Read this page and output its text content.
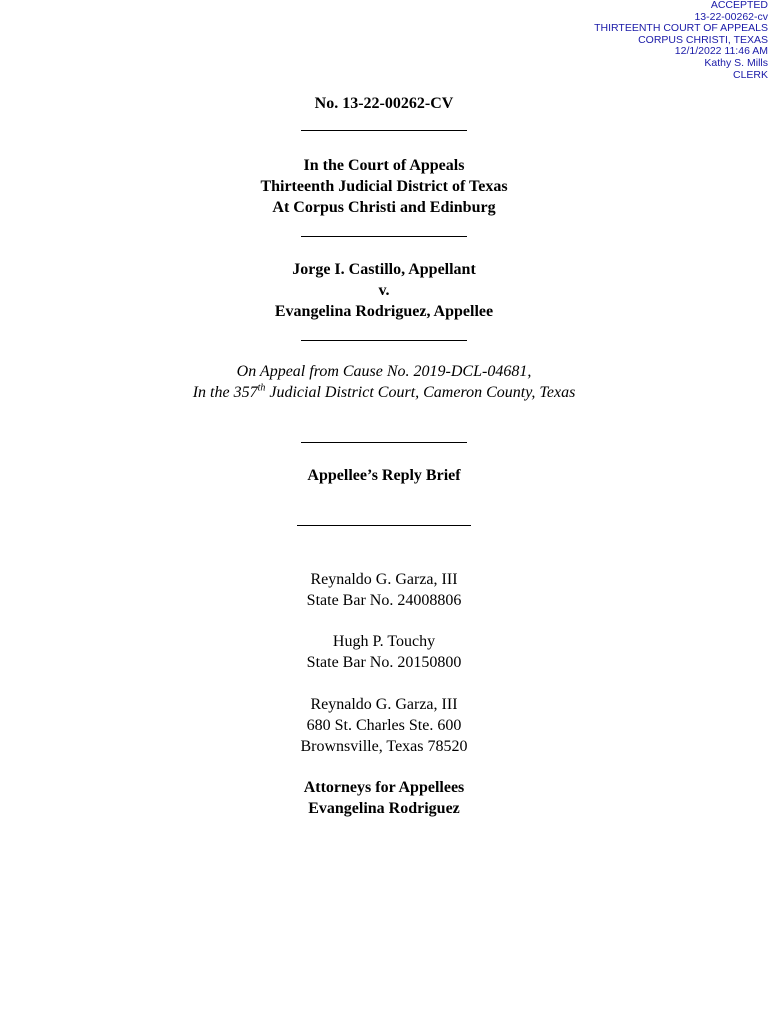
ACCEPTED
13-22-00262-cv
THIRTEENTH COURT OF APPEALS
CORPUS CHRISTI, TEXAS
12/1/2022 11:46 AM
Kathy S. Mills
CLERK
No. 13-22-00262-CV
In the Court of Appeals
Thirteenth Judicial District of Texas
At Corpus Christi and Edinburg
Jorge I. Castillo, Appellant
v.
Evangelina Rodriguez, Appellee
On Appeal from Cause No. 2019-DCL-04681,
In the 357th Judicial District Court, Cameron County, Texas
Appellee’s Reply Brief
Reynaldo G. Garza, III
State Bar No. 24008806
Hugh P. Touchy
State Bar No. 20150800
Reynaldo G. Garza, III
680 St. Charles Ste. 600
Brownsville, Texas 78520
Attorneys for Appellees
Evangelina Rodriguez
